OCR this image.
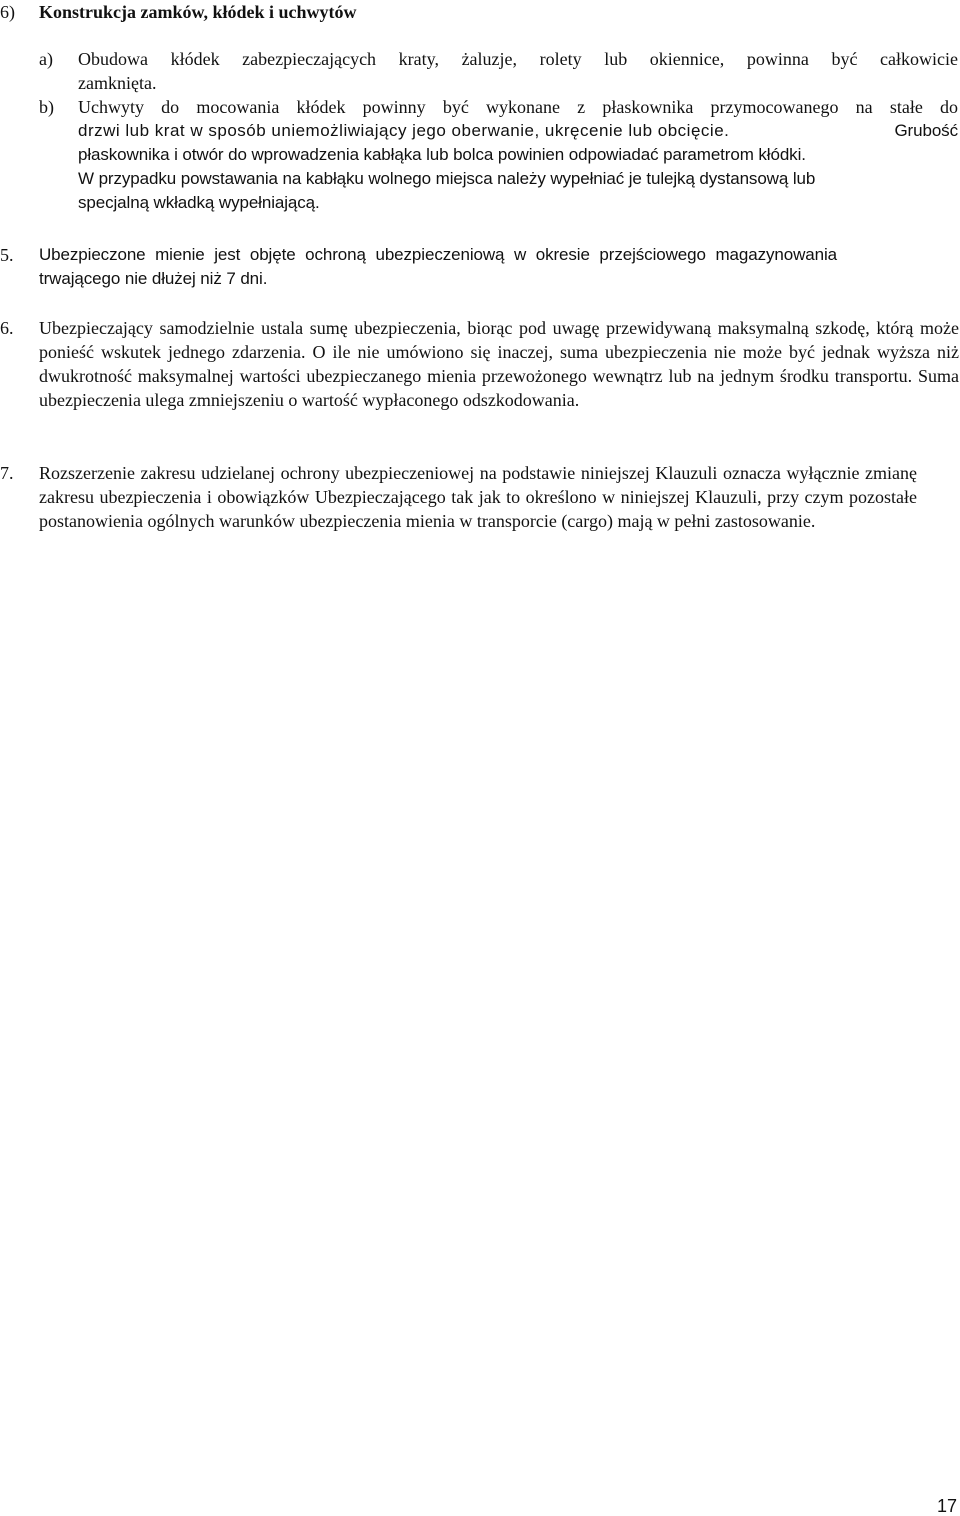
6) Konstrukcja zamków, kłódek i uchwytów
a) Obudowa kłódek zabezpieczających kraty, żaluzje, rolety lub okiennice, powinna być całkowicie
zamknięta.
b) Uchwyty do mocowania kłódek powinny być wykonane z płaskownika przymocowanego na stałe do
drzwi lub krat w sposób uniemożliwiający jego oberwanie, ukręcenie lub obcięcie.	Grubość
płaskownika i otwór do wprowadzenia kabłąka lub bolca powinien odpowiadać parametrom kłódki.
W przypadku powstawania na kabłąku wolnego miejsca należy wypełniać je tulejką dystansową lub
specjalną wkładką wypełniającą.
5. Ubezpieczone mienie jest objęte ochroną ubezpieczeniową w okresie przejściowego magazynowania trwającego nie dłużej niż 7 dni.
6. Ubezpieczający samodzielnie ustala sumę ubezpieczenia, biorąc pod uwagę przewidywaną maksymalną szkodę, którą może ponieść wskutek jednego zdarzenia. O ile nie umówiono się inaczej, suma ubezpieczenia nie może być jednak wyższa niż dwukrotność maksymalnej wartości ubezpieczanego mienia przewożonego wewnątrz lub na jednym środku transportu. Suma ubezpieczenia ulega zmniejszeniu o wartość wypłaconego odszkodowania.
7. Rozszerzenie zakresu udzielanej ochrony ubezpieczeniowej na podstawie niniejszej Klauzuli oznacza wyłącznie zmianę zakresu ubezpieczenia i obowiązków Ubezpieczającego tak jak to określono w niniejszej Klauzuli, przy czym pozostałe postanowienia ogólnych warunków ubezpieczenia mienia w transporcie (cargo) mają w pełni zastosowanie.
17
